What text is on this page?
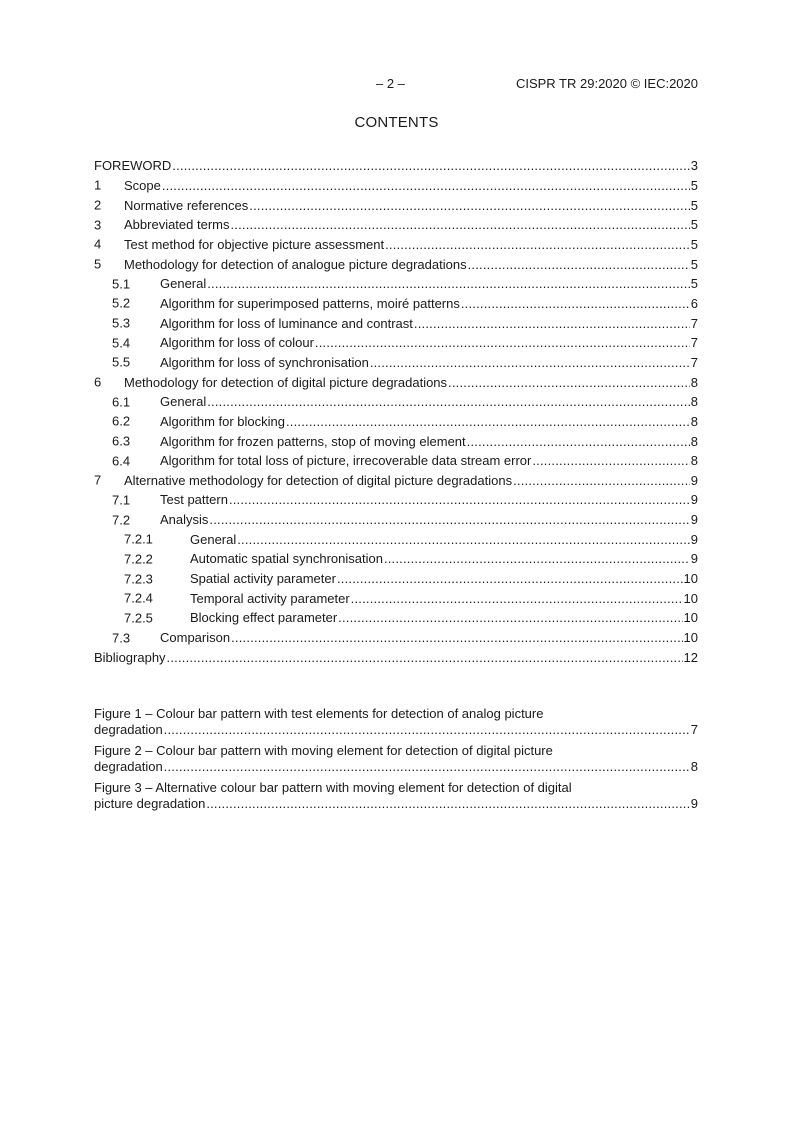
– 2 –	CISPR TR 29:2020 © IEC:2020
CONTENTS
FOREWORD .....	3
1 Scope .....	5
2 Normative references .....	5
3 Abbreviated terms .....	5
4 Test method for objective picture assessment .....	5
5 Methodology for detection of analogue picture degradations .....	5
5.1 General .....	5
5.2 Algorithm for superimposed patterns, moiré patterns .....	6
5.3 Algorithm for loss of luminance and contrast .....	7
5.4 Algorithm for loss of colour .....	7
5.5 Algorithm for loss of synchronisation .....	7
6 Methodology for detection of digital picture degradations .....	8
6.1 General .....	8
6.2 Algorithm for blocking .....	8
6.3 Algorithm for frozen patterns, stop of moving element .....	8
6.4 Algorithm for total loss of picture, irrecoverable data stream error .....	8
7 Alternative methodology for detection of digital picture degradations .....	9
7.1 Test pattern .....	9
7.2 Analysis .....	9
7.2.1	General .....	9
7.2.2	Automatic spatial synchronisation .....	9
7.2.3	Spatial activity parameter .....	10
7.2.4	Temporal activity parameter .....	10
7.2.5	Blocking effect parameter .....	10
7.3 Comparison .....	10
Bibliography .....	12
Figure 1 – Colour bar pattern with test elements for detection of analog picture
degradation .....	7
Figure 2 – Colour bar pattern with moving element for detection of digital picture
degradation .....	8
Figure 3 – Alternative colour bar pattern with moving element for detection of digital
picture degradation .....	9
